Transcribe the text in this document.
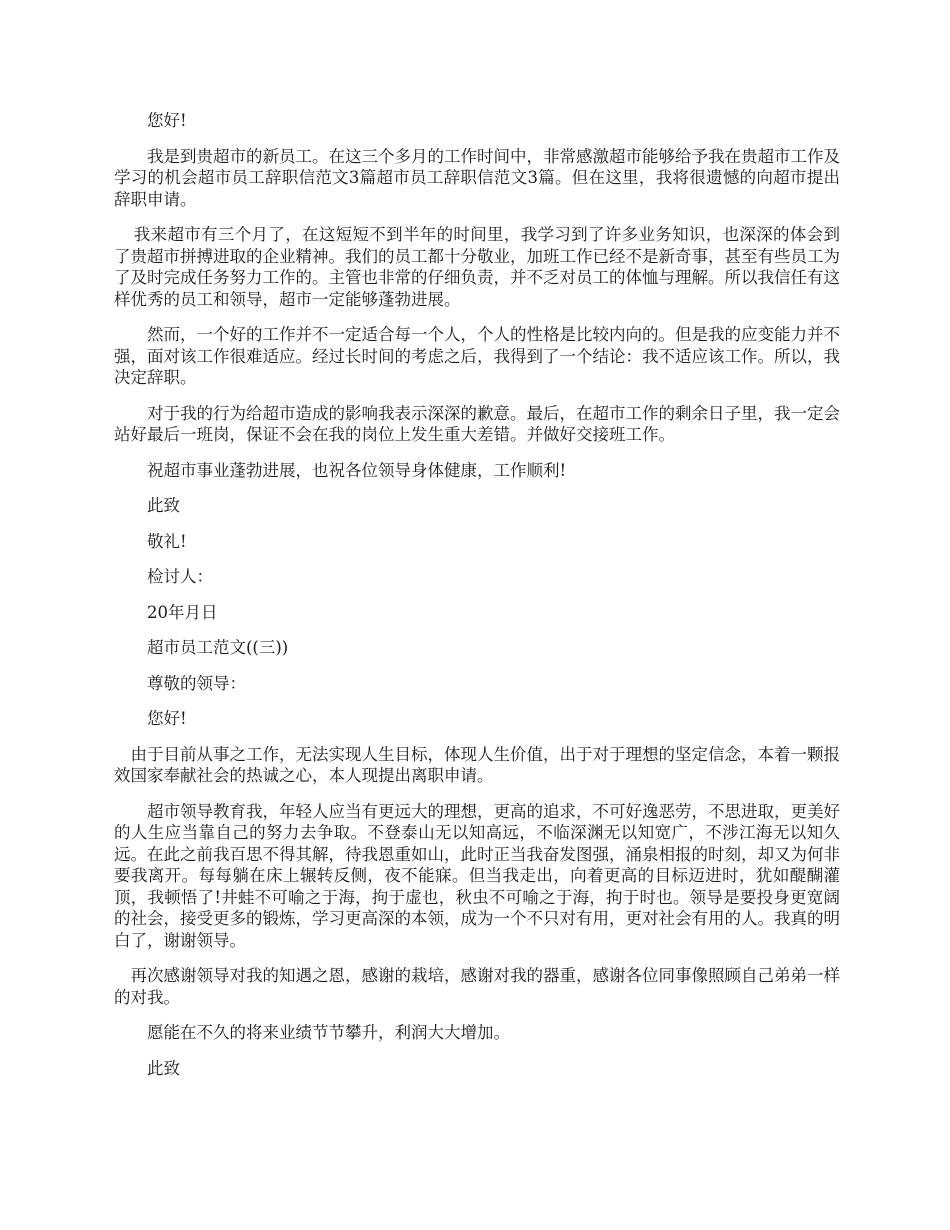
您好!

我是到贵超市的新员工。在这三个多月的工作时间中，非常感激超市能够给予我在贵超市工作及学习的机会超市员工辞职信范文3篇超市员工辞职信范文3篇。但在这里，我将很遗憾的向超市提出辞职申请。

我来超市有三个月了，在这短短不到半年的时间里，我学习到了许多业务知识，也深深的体会到了贵超市拼搏进取的企业精神。我们的员工都十分敬业，加班工作已经不是新奇事，甚至有些员工为了及时完成任务努力工作的。主管也非常的仔细负责，并不乏对员工的体恤与理解。所以我信任有这样优秀的员工和领导，超市一定能够蓬勃进展。

然而，一个好的工作并不一定适合每一个人，个人的性格是比较内向的。但是我的应变能力并不强，面对该工作很难适应。经过长时间的考虑之后，我得到了一个结论：我不适应该工作。所以，我决定辞职。

对于我的行为给超市造成的影响我表示深深的歉意。最后，在超市工作的剩余日子里，我一定会站好最后一班岗，保证不会在我的岗位上发生重大差错。并做好交接班工作。

祝超市事业蓬勃进展，也祝各位领导身体健康，工作顺利!

此致

敬礼!

检讨人：

20年月日

超市员工范文((三))

尊敬的领导：

您好!

由于目前从事之工作，无法实现人生目标，体现人生价值，出于对于理想的坚定信念，本着一颗报效国家奉献社会的热诚之心，本人现提出离职申请。

超市领导教育我，年轻人应当有更远大的理想，更高的追求，不可好逸恶劳，不思进取，更美好的人生应当靠自己的努力去争取。不登泰山无以知高远，不临深渊无以知宽广，不涉江海无以知久远。在此之前我百思不得其解，待我恩重如山，此时正当我奋发图强，涌泉相报的时刻，却又为何非要我离开。每每躺在床上辗转反侧，夜不能寐。但当我走出，向着更高的目标迈进时，犹如醍醐灌顶，我顿悟了!井蛙不可喻之于海，拘于虚也，秋虫不可喻之于海，拘于时也。领导是要投身更宽阔的社会，接受更多的锻炼，学习更高深的本领，成为一个不只对有用，更对社会有用的人。我真的明白了，谢谢领导。

再次感谢领导对我的知遇之恩，感谢的栽培，感谢对我的器重，感谢各位同事像照顾自己弟弟一样的对我。

愿能在不久的将来业绩节节攀升，利润大大增加。

此致
